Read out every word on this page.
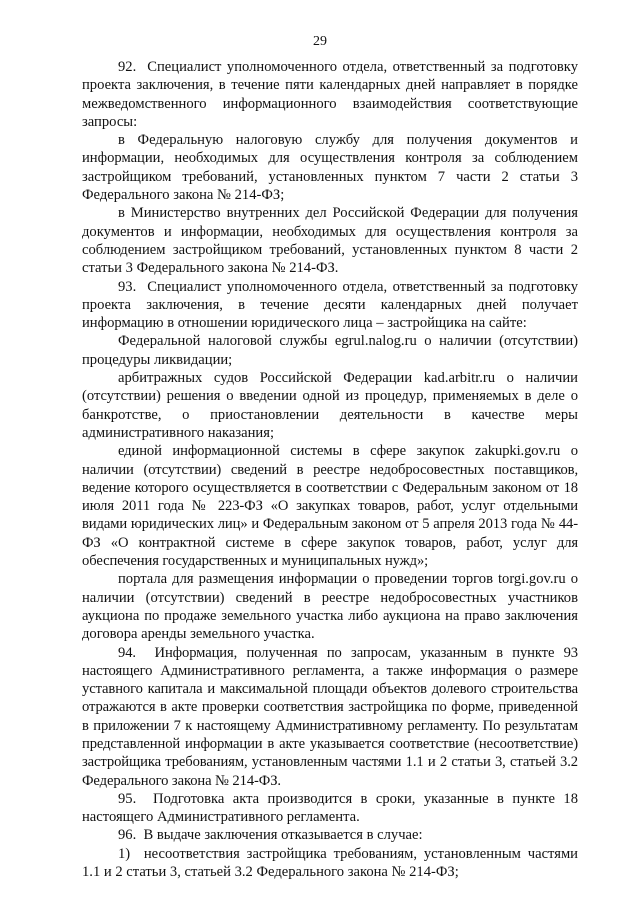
29

92.  Специалист уполномоченного отдела, ответственный за подготовку проекта заключения, в течение пяти календарных дней направляет в порядке межведомственного информационного взаимодействия соответствующие запросы:

в Федеральную налоговую службу для получения документов и информации, необходимых для осуществления контроля за соблюдением застройщиком требований, установленных пунктом 7 части 2 статьи 3 Федерального закона № 214-ФЗ;

в Министерство внутренних дел Российской Федерации для получения документов и информации, необходимых для осуществления контроля за соблюдением застройщиком требований, установленных пунктом 8 части 2 статьи 3 Федерального закона № 214-ФЗ.

93.  Специалист уполномоченного отдела, ответственный за подготовку проекта заключения, в течение десяти календарных дней получает информацию в отношении юридического лица – застройщика на сайте:

Федеральной налоговой службы egrul.nalog.ru о наличии (отсутствии) процедуры ликвидации;

арбитражных судов Российской Федерации kad.arbitr.ru о наличии (отсутствии) решения о введении одной из процедур, применяемых в деле о банкротстве, о приостановлении деятельности в качестве меры административного наказания;

единой информационной системы в сфере закупок zakupki.gov.ru о наличии (отсутствии) сведений в реестре недобросовестных поставщиков, ведение которого осуществляется в соответствии с Федеральным законом от 18 июля 2011 года № 223-ФЗ «О закупках товаров, работ, услуг отдельными видами юридических лиц» и Федеральным законом от 5 апреля 2013 года № 44-ФЗ «О контрактной системе в сфере закупок товаров, работ, услуг для обеспечения государственных и муниципальных нужд»;

портала для размещения информации о проведении торгов torgi.gov.ru о наличии (отсутствии) сведений в реестре недобросовестных участников аукциона по продаже земельного участка либо аукциона на право заключения договора аренды земельного участка.

94.  Информация, полученная по запросам, указанным в пункте 93 настоящего Административного регламента, а также информация о размере уставного капитала и максимальной площади объектов долевого строительства отражаются в акте проверки соответствия застройщика по форме, приведенной в приложении 7 к настоящему Административному регламенту. По результатам представленной информации в акте указывается соответствие (несоответствие) застройщика требованиям, установленным частями 1.1 и 2 статьи 3, статьей 3.2 Федерального закона № 214-ФЗ.

95.  Подготовка акта производится в сроки, указанные в пункте 18 настоящего Административного регламента.

96.  В выдаче заключения отказывается в случае:

1)  несоответствия застройщика требованиям, установленным частями 1.1 и 2 статьи 3, статьей 3.2 Федерального закона № 214-ФЗ;
